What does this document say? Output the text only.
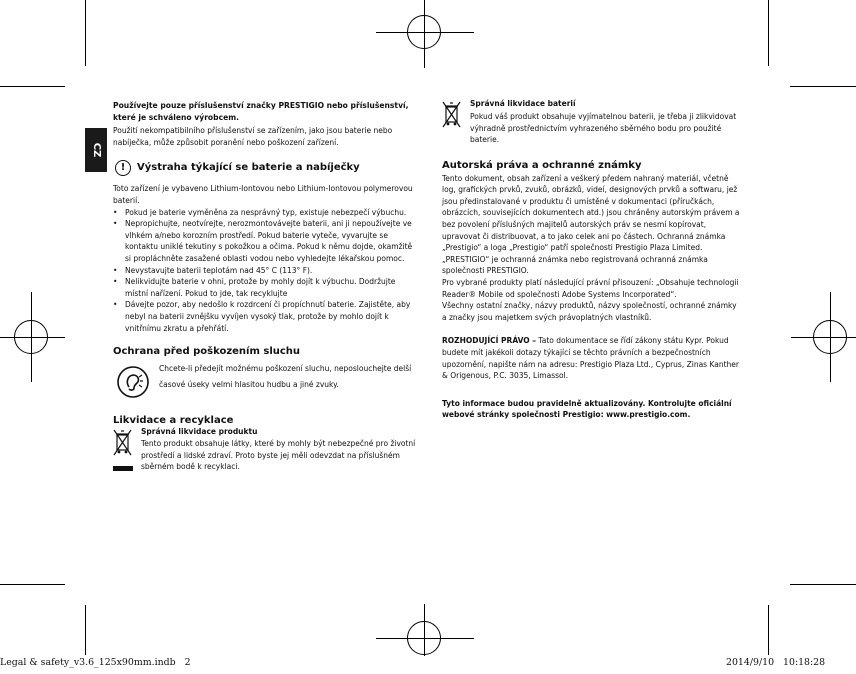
CZ

Používejte pouze příslušenství značky PRESTIGIO nebo příslušenství, které je schváleno výrobcem.

Použití nekompatibilního příslušenství se zařízením, jako jsou baterie nebo nabíječka, může způsobit poranění nebo poškození zařízení.

!	Výstraha týkající se baterie a nabíječky

Toto zařízení je vybaveno Lithium-Iontovou nebo Lithium-Iontovou polymerovou baterií.

• Pokud je baterie vyměněna za nesprávný typ, existuje nebezpečí výbuchu.
• Nepropichujte, neotvírejte, nerozmontovávejte baterii, ani ji nepoužívejte ve vlhkém a/nebo korozním prostředí. Pokud baterie vyteče, vyvarujte se kontaktu uniklé tekutiny s pokožkou a očima. Pokud k němu dojde, okamžitě si propláchněte zasažené oblasti vodou nebo vyhledejte lékařskou pomoc.
• Nevystavujte baterii teplotám nad 45° C (113° F).
• Nelikvidujte baterie v ohni, protože by mohly dojít k výbuchu. Dodržujte místní nařízení. Pokud to jde, tak recyklujte
• Dávejte pozor, aby nedošlo k rozdrcení či propíchnutí baterie. Zajistěte, aby nebyl na baterii zvnějšku vyvíjen vysoký tlak, protože by mohlo dojít k vnitřnímu zkratu a přehřátí.
Ochrana před poškozením sluchu

Chcete-li předejít možnému poškození sluchu, neposlouchejte delší časové úseky velmi hlasitou hudbu a jiné zvuky.

Likvidace a recyklace
Správná likvidace produktu

Tento produkt obsahuje látky, které by mohly být nebezpečné pro životní prostředí a lidské zdraví. Proto byste jej měli odevzdat na příslušném sběrném bodě k recyklaci.

Správná likvidace baterií

Pokud váš produkt obsahuje vyjímatelnou baterii, je třeba ji zlikvidovat výhradně prostřednictvím vyhrazeného sběrného bodu pro použité baterie.

Autorská práva a ochranné známky

Tento dokument, obsah zařízení a veškerý předem nahraný materiál, včetně log, grafických prvků, zvuků, obrázků, videí, designových prvků a softwaru, jež jsou předinstalované v produktu či umístěné v dokumentaci (příručkách, obrázcích, souvisejících dokumentech atd.) jsou chráněny autorským právem a bez povolení příslušných majitelů autorských práv se nesmí kopírovat, upravovat či distribuovat, a to jako celek ani po částech. Ochranná známka „Prestigio“ a loga „Prestigio“ patří společnosti Prestigio Plaza Limited. „PRESTIGIO“ je ochranná známka nebo registrovaná ochranná známka společnosti PRESTIGIO.

Pro vybrané produkty platí následující právní přisouzení: „Obsahuje technologii Reader® Mobile od společnosti Adobe Systems Incorporated“.

Všechny ostatní značky, názvy produktů, názvy společností, ochranné známky a značky jsou majetkem svých právoplatných vlastníků.

ROZHODUJÍCÍ PRÁVO – Tato dokumentace se řídí zákony státu Kypr. Pokud budete mít jakékoli dotazy týkající se těchto právních a bezpečnostních upozornění, napište nám na adresu: Prestigio Plaza Ltd., Cyprus, Zinas Kanther & Origenous, P.C. 3035, Limassol.

Tyto informace budou pravidelně aktualizovány. Kontrolujte oficiální webové stránky společnosti Prestigio: www.prestigio.com.

Legal & safety_v3.6_125x90mm.indb   2	2014/9/10   10:18:28
